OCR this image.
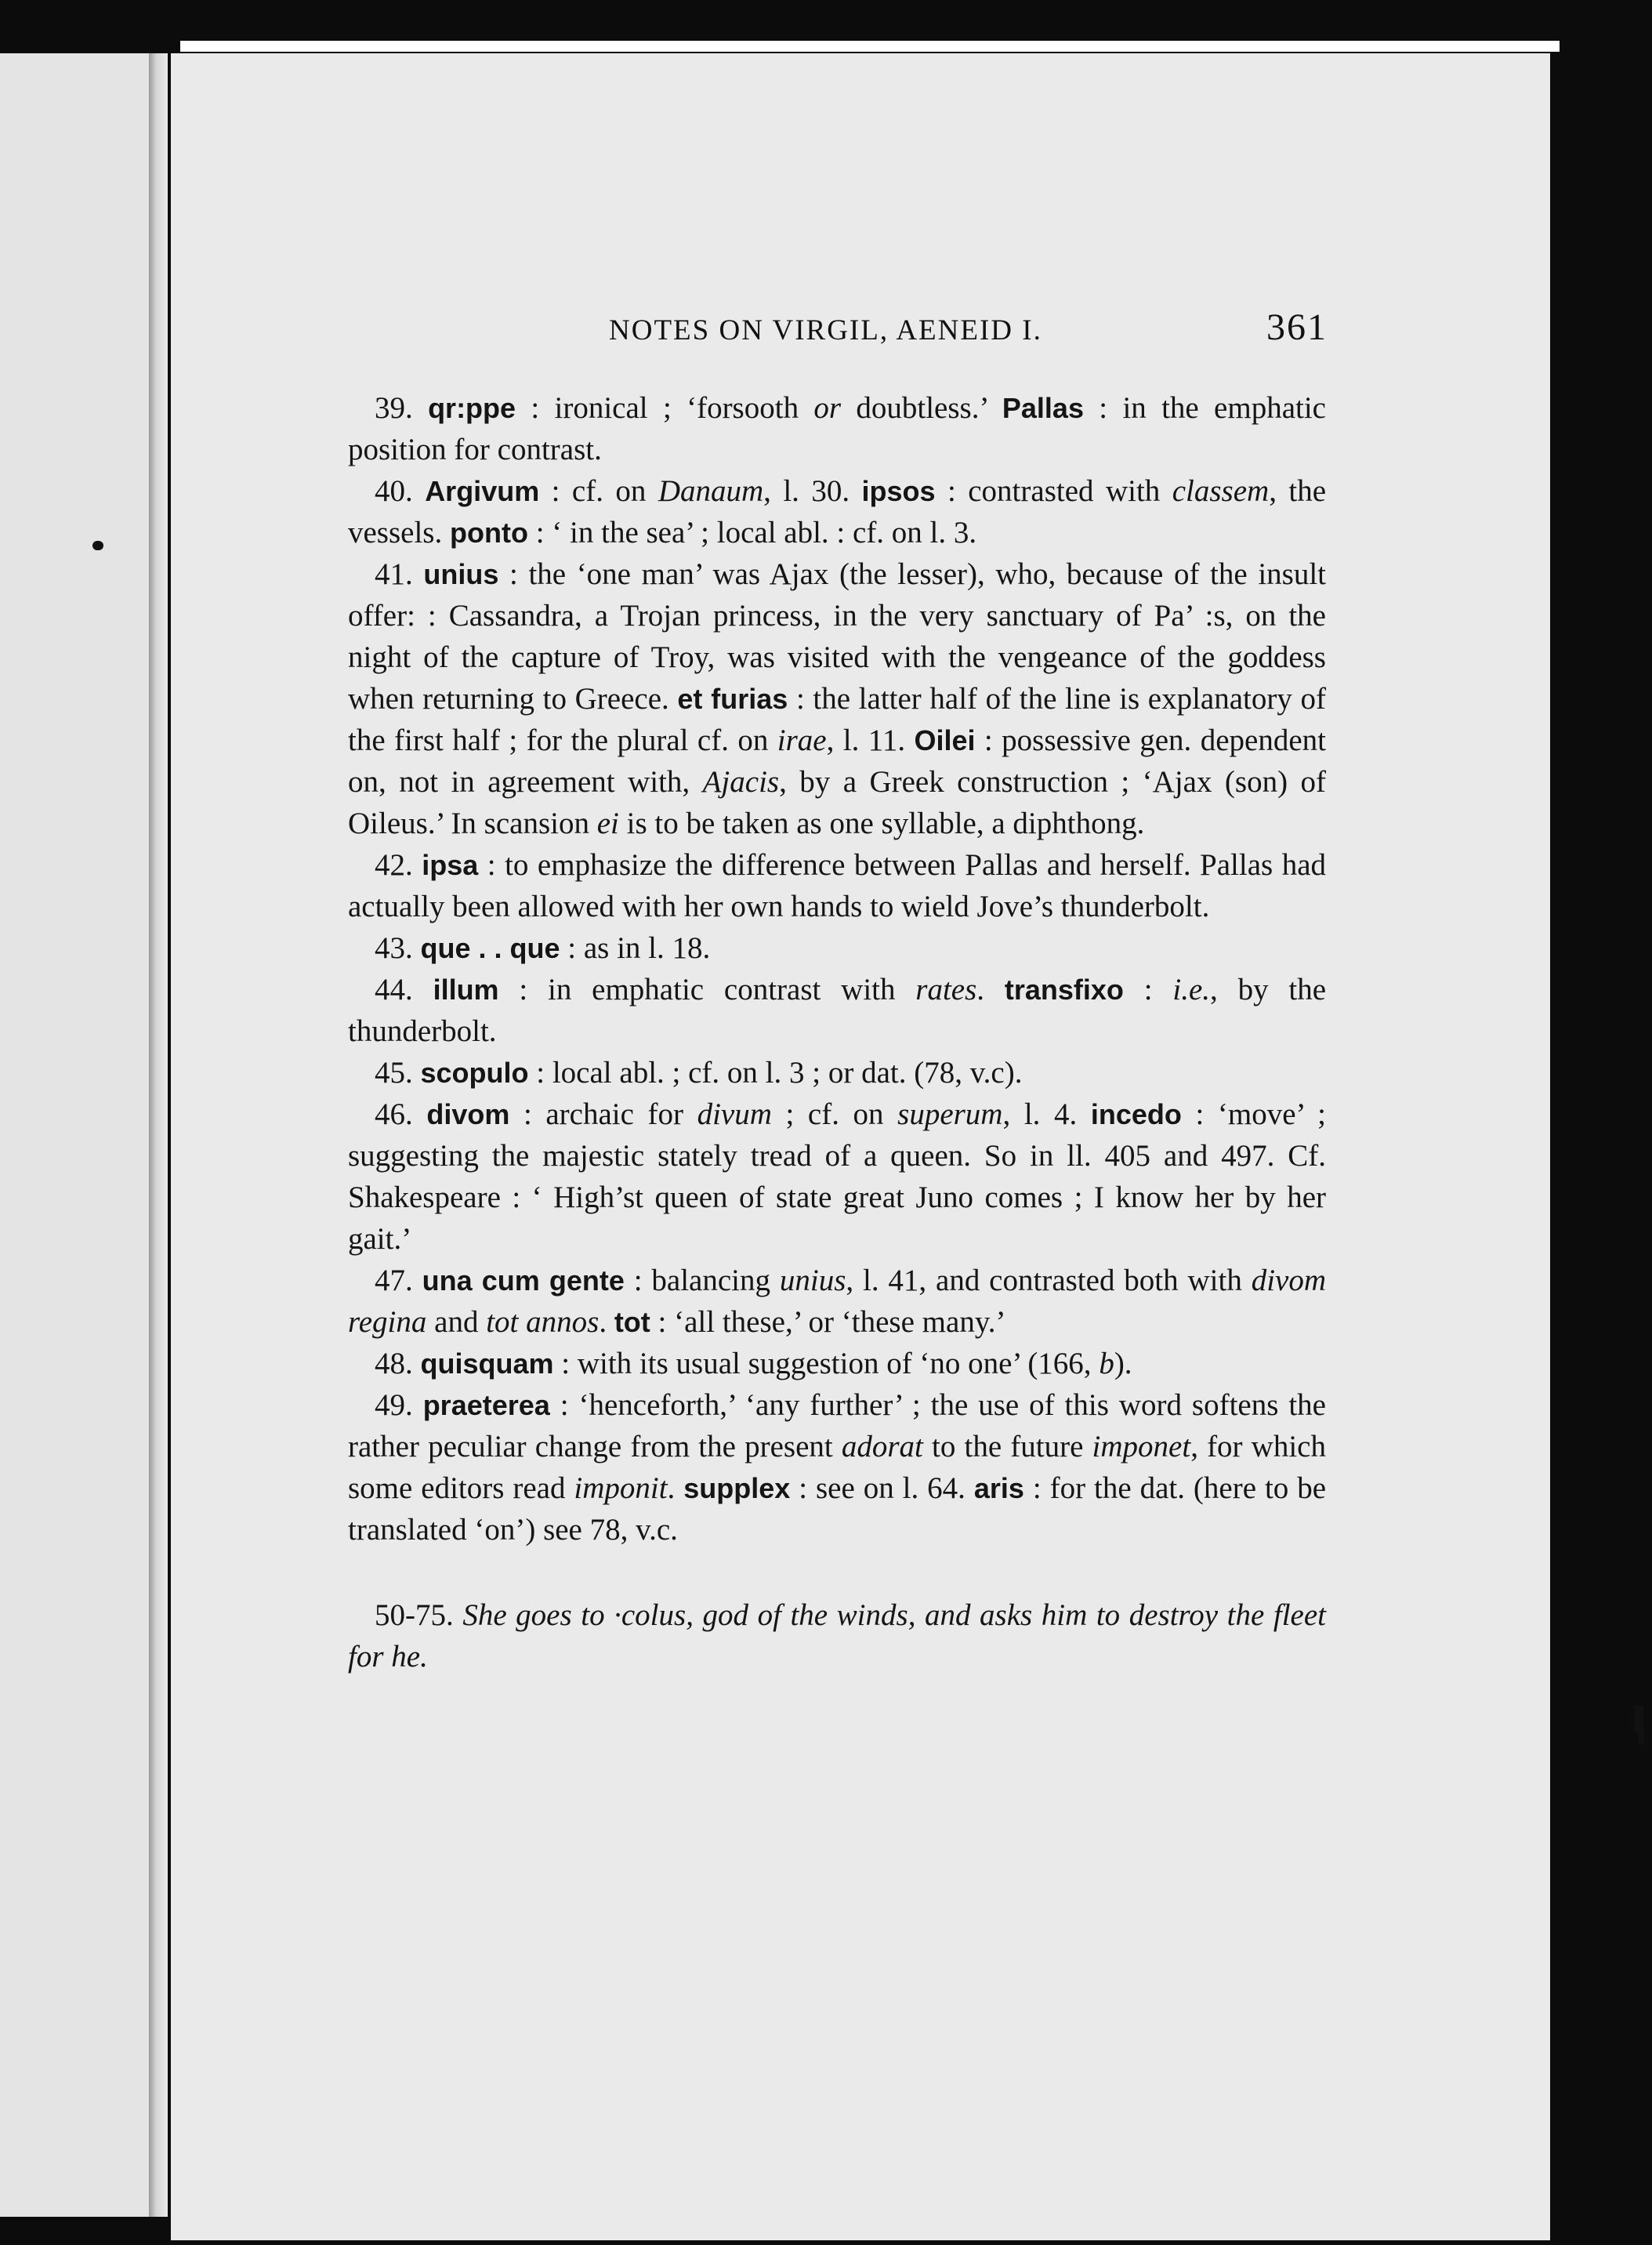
NOTES ON VIRGIL, AENEID I.	361

39. qr:ppe : ironical ; ‘forsooth or doubtless.’ Pallas : in the emphatic position for contrast.

40. Argivum : cf. on Danaum, l. 30. ipsos : contrasted with classem, the vessels. ponto : ‘ in the sea’ ; local abl. : cf. on l. 3.

41. unius : the ‘one man’ was Ajax (the lesser), who, because of the insult offer: : Cassandra, a Trojan princess, in the very sanctuary of Pa’ :s, on the night of the capture of Troy, was visited with the vengeance of the goddess when returning to Greece. et furias : the latter half of the line is explanatory of the first half ; for the plural cf. on irae, l. 11. Oilei : possessive gen. dependent on, not in agreement with, Ajacis, by a Greek construction ; ‘Ajax (son) of Oileus.’ In scansion ei is to be taken as one syllable, a diphthong.

42. ipsa : to emphasize the difference between Pallas and herself. Pallas had actually been allowed with her own hands to wield Jove’s thunderbolt.

43. que . . que : as in l. 18.

44. illum : in emphatic contrast with rates. transfixo : i.e., by the thunderbolt.

45. scopulo : local abl. ; cf. on l. 3 ; or dat. (78, v.c).

46. divom : archaic for divum ; cf. on superum, l. 4. incedo : ‘move’ ; suggesting the majestic stately tread of a queen. So in ll. 405 and 497. Cf. Shakespeare : ‘ High’st queen of state great Juno comes ; I know her by her gait.’

47. una cum gente : balancing unius, l. 41, and contrasted both with divom regina and tot annos. tot : ‘all these,’ or ‘these many.’

48. quisquam : with its usual suggestion of ‘no one’ (166, b).

49. praeterea : ‘henceforth,’ ‘any further’ ; the use of this word softens the rather peculiar change from the present adorat to the future imponet, for which some editors read imponit. supplex : see on l. 64. aris : for the dat. (here to be translated ‘on’) see 78, v.c.

50-75. She goes to ·colus, god of the winds, and asks him to destroy the fleet for he.
